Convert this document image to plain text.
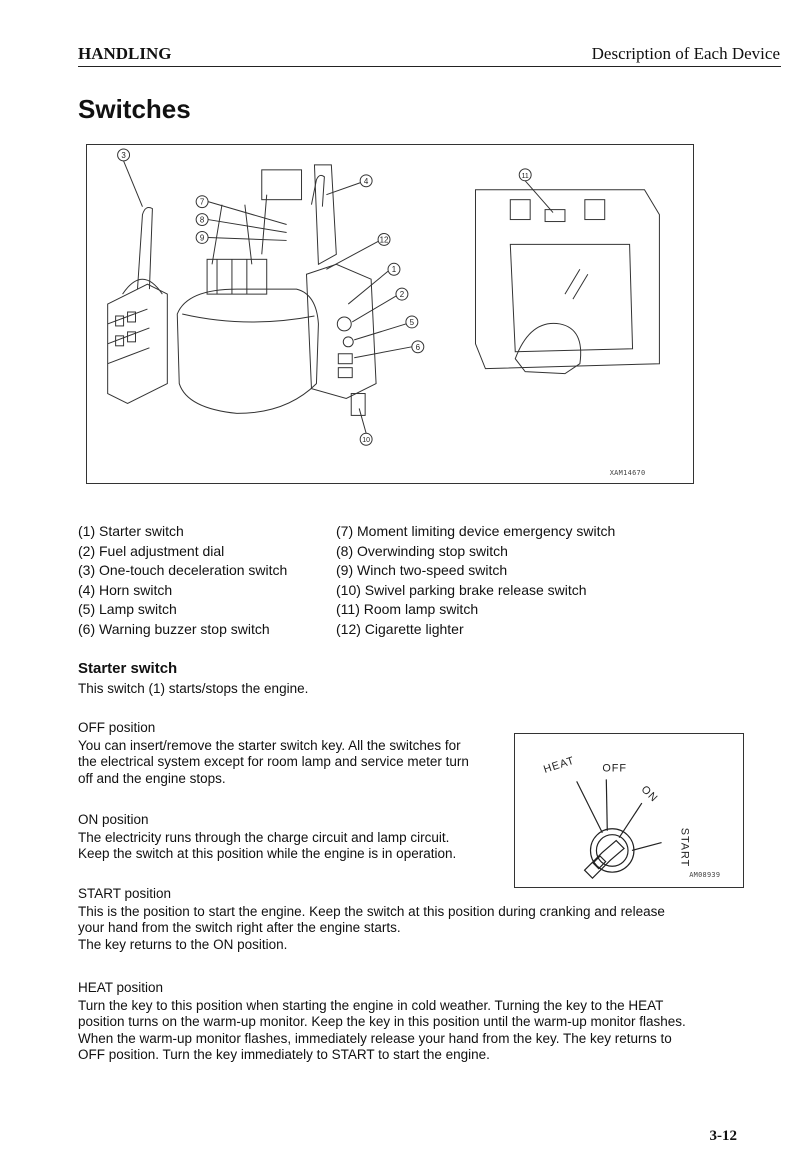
HANDLING	Description of Each Device
Switches
3
4
7
8
9	12
1
2
5
6
10
11
XAM14670
(1) Starter switch
(2) Fuel adjustment dial
(3) One-touch deceleration switch
(4) Horn switch
(5) Lamp switch
(6) Warning buzzer stop switch
(7) Moment limiting device emergency switch
(8) Overwinding stop switch
(9) Winch two-speed switch
(10) Swivel parking brake release switch
(11) Room lamp switch
(12) Cigarette lighter
Starter switch

This switch (1) starts/stops the engine.

OFF position

You can insert/remove the starter switch key. All the switches for

the electrical system except for room lamp and service meter turn

off and the engine stops.

ON position

The electricity runs through the charge circuit and lamp circuit.

Keep the switch at this position while the engine is in operation.

HEAT OFF
ON
START
AM08939

START position

This is the position to start the engine. Keep the switch at this position during cranking and release

your hand from the switch right after the engine starts.

The key returns to the ON position.

HEAT position

Turn the key to this position when starting the engine in cold weather. Turning the key to the HEAT

position turns on the warm-up monitor. Keep the key in this position until the warm-up monitor flashes.

When the warm-up monitor flashes, immediately release your hand from the key. The key returns to

OFF position. Turn the key immediately to START to start the engine.

3-12
